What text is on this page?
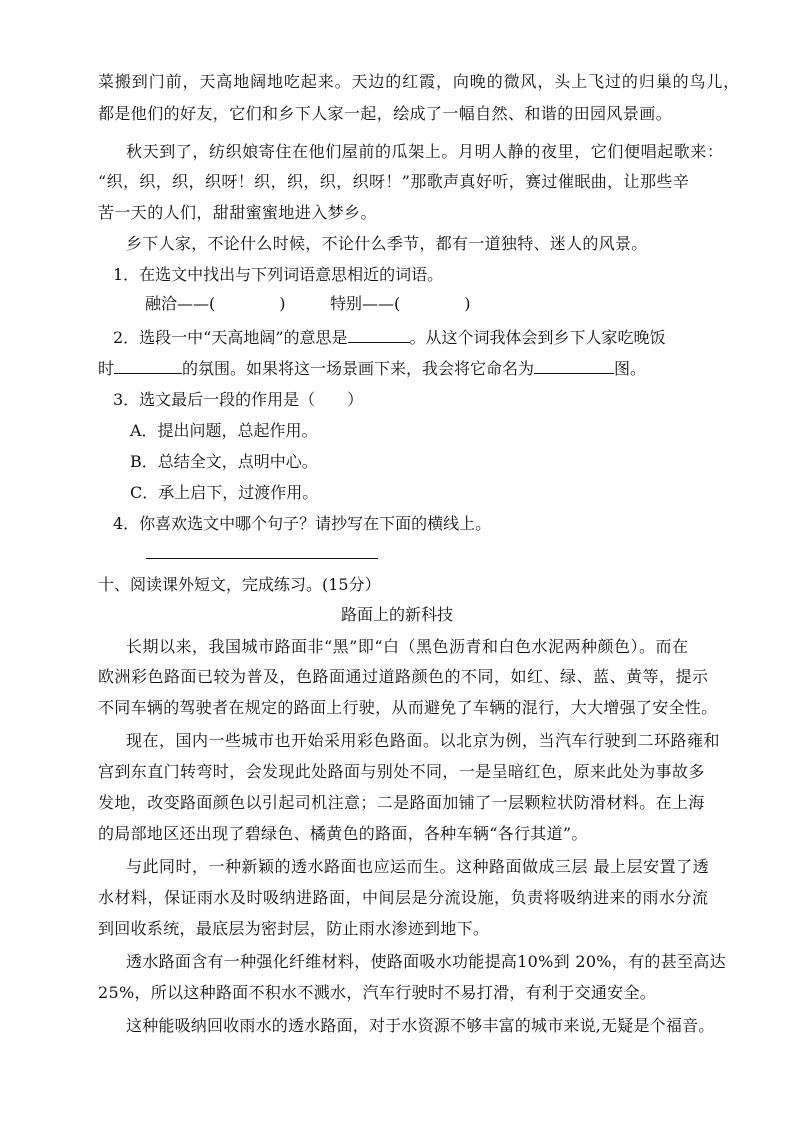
菜搬到门前，天高地阔地吃起来。天边的红霞，向晚的微风，头上飞过的归巢的鸟儿，
都是他们的好友，它们和乡下人家一起，绘成了一幅自然、和谐的田园风景画。
秋天到了，纺织娘寄住在他们屋前的瓜架上。月明人静的夜里，它们便唱起歌来：
“织，织，织，织呀！织，织，织，织呀！”那歌声真好听，赛过催眠曲，让那些辛
苦一天的人们，甜甜蜜蜜地进入梦乡。
乡下人家，不论什么时候，不论什么季节，都有一道独特、迷人的风景。
1．在选文中找出与下列词语意思相近的词语。
融洽——(　　　　)	特别——(　　　　)
2．选段一中“天高地阔”的意思是	。从这个词我体会到乡下人家吃晚饭
时	的氛围。如果将这一场景画下来，我会将它命名为	图。
3．选文最后一段的作用是（　　）
A．提出问题，总起作用。
B．总结全文，点明中心。
C．承上启下，过渡作用。
4．你喜欢选文中哪个句子？请抄写在下面的横线上。
十、阅读课外短文，完成练习。(15分）
路面上的新科技
长期以来，我国城市路面非“黑”即“白（黑色沥青和白色水泥两种颜色）。而在
欧洲彩色路面已较为普及，色路面通过道路颜色的不同，如红、绿、蓝、黄等，提示
不同车辆的驾驶者在规定的路面上行驶，从而避免了车辆的混行，大大增强了安全性。
现在，国内一些城市也开始采用彩色路面。以北京为例，当汽车行驶到二环路雍和
宫到东直门转弯时，会发现此处路面与别处不同，一是呈暗红色，原来此处为事故多
发地，改变路面颜色以引起司机注意；二是路面加铺了一层颗粒状防滑材料。在上海
的局部地区还出现了碧绿色、橘黄色的路面，各种车辆“各行其道”。
与此同时，一种新颖的透水路面也应运而生。这种路面做成三层 最上层安置了透
水材料，保证雨水及时吸纳进路面，中间层是分流设施，负责将吸纳进来的雨水分流
到回收系统，最底层为密封层，防止雨水渗迹到地下。
透水路面含有一种强化纤维材料，使路面吸水功能提高10%到 20%，有的甚至高达
25%，所以这种路面不积水不溅水，汽车行驶时不易打滑，有利于交通安全。
这种能吸纳回收雨水的透水路面，对于水资源不够丰富的城市来说,无疑是个福音。
